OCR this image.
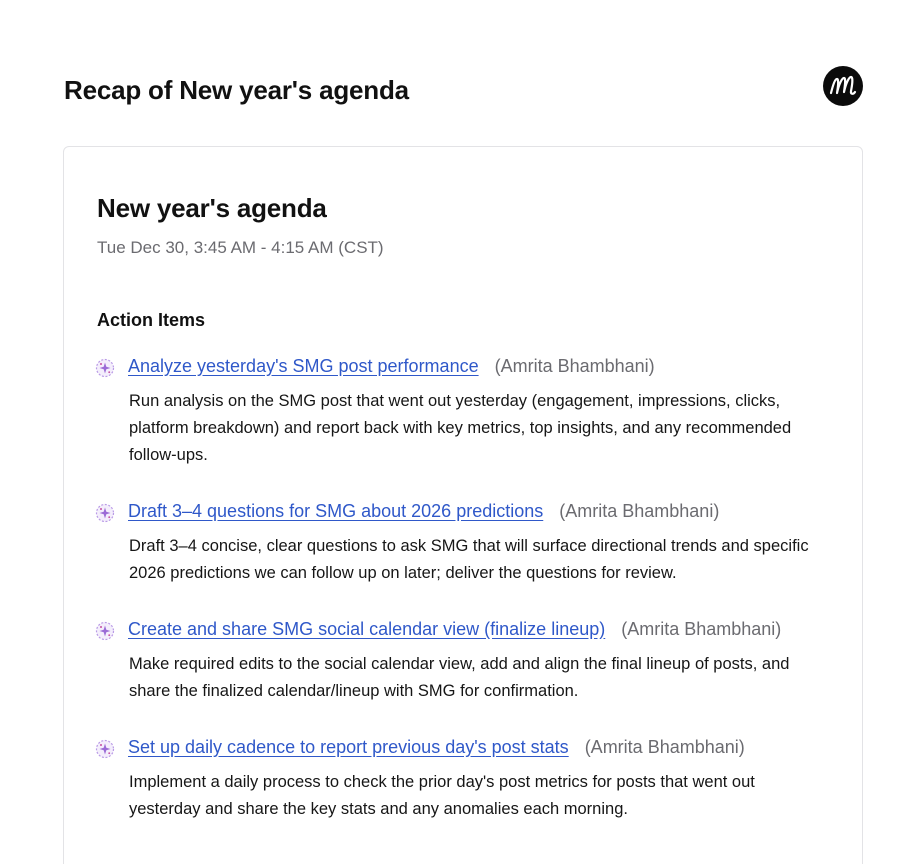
Recap of New year's agenda
New year's agenda
Tue Dec 30, 3:45 AM - 4:15 AM (CST)
Action Items
Analyze yesterday's SMG post performance (Amrita Bhambhani)
Run analysis on the SMG post that went out yesterday (engagement, impressions, clicks, platform breakdown) and report back with key metrics, top insights, and any recommended follow-ups.
Draft 3–4 questions for SMG about 2026 predictions (Amrita Bhambhani)
Draft 3–4 concise, clear questions to ask SMG that will surface directional trends and specific 2026 predictions we can follow up on later; deliver the questions for review.
Create and share SMG social calendar view (finalize lineup) (Amrita Bhambhani)
Make required edits to the social calendar view, add and align the final lineup of posts, and share the finalized calendar/lineup with SMG for confirmation.
Set up daily cadence to report previous day's post stats (Amrita Bhambhani)
Implement a daily process to check the prior day's post metrics for posts that went out yesterday and share the key stats and any anomalies each morning.
